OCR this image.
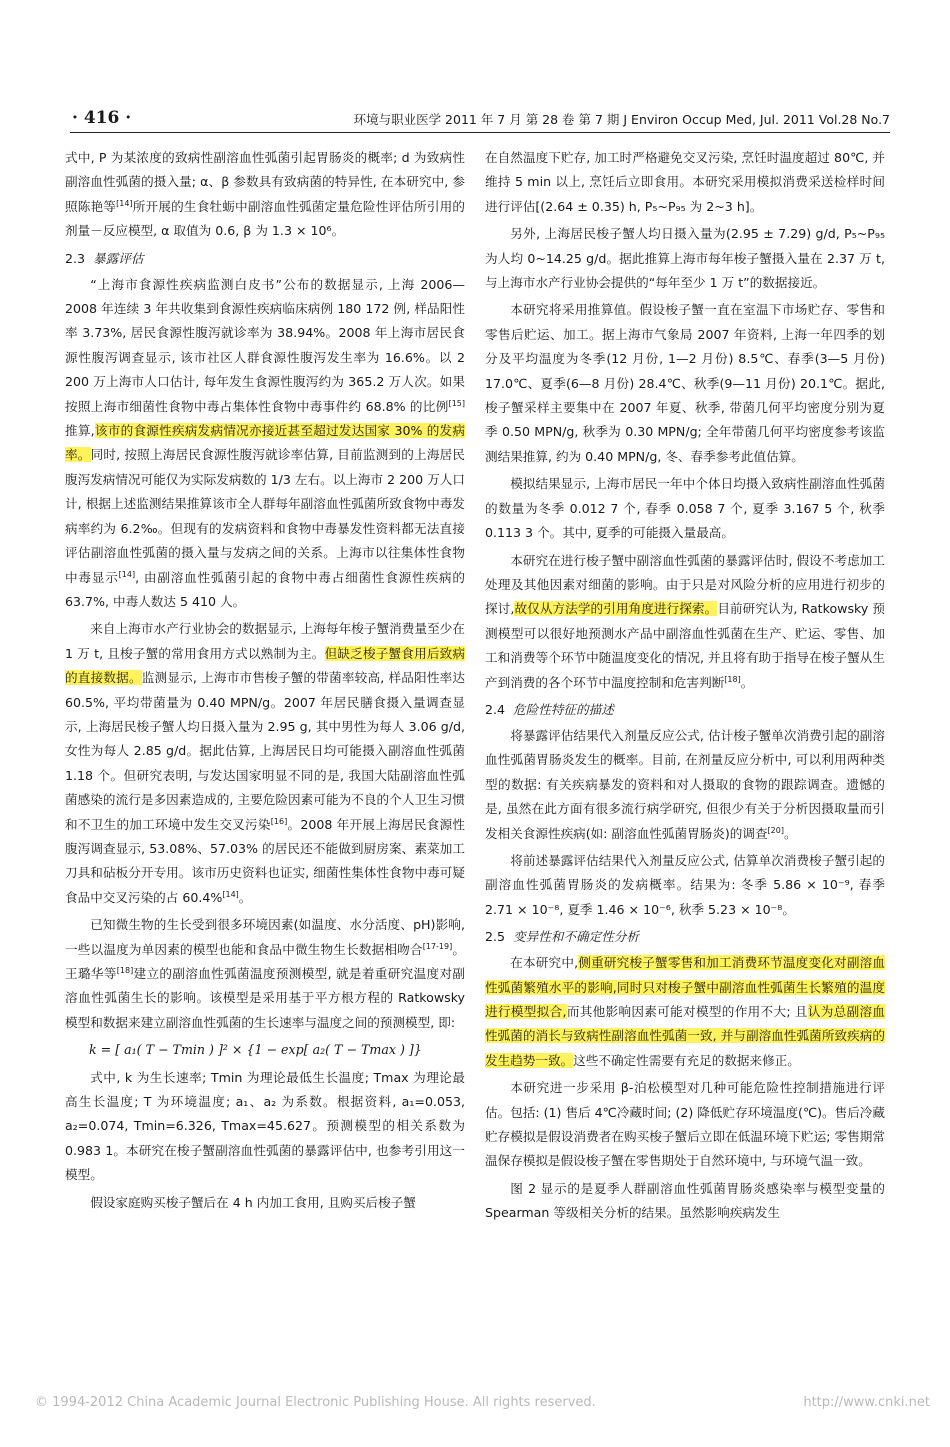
· 416 ·	环境与职业医学 2011 年 7 月 第 28 卷 第 7 期 J Environ Occup Med, Jul. 2011 Vol.28 No.7

式中, P 为某浓度的致病性副溶血性弧菌引起胃肠炎的概率; d 为致病性副溶血性弧菌的摄入量; α、β 参数具有致病菌的特异性, 在本研究中, 参照陈艳等[14]所开展的生食牡蛎中副溶血性弧菌定量危险性评估所引用的剂量－反应模型, α 取值为 0.6, β 为 1.3 × 10⁶。

2.3 暴露评估

“上海市食源性疾病监测白皮书”公布的数据显示, 上海 2006—2008 年连续 3 年共收集到食源性疾病临床病例 180 172 例, 样品阳性率 3.73%, 居民食源性腹泻就诊率为 38.94%。2008 年上海市居民食源性腹泻调查显示, 该市社区人群食源性腹泻发生率为 16.6%。以 2 200 万上海市人口估计, 每年发生食源性腹泻约为 365.2 万人次。如果按照上海市细菌性食物中毒占集体性食物中毒事件约 68.8% 的比例[15]推算,该市的食源性疾病发病情况亦接近甚至超过发达国家 30% 的发病率。同时, 按照上海居民食源性腹泻就诊率估算, 目前监测到的上海居民腹泻发病情况可能仅为实际发病数的 1/3 左右。以上海市 2 200 万人口计, 根据上述监测结果推算该市全人群每年副溶血性弧菌所致食物中毒发病率约为 6.2‰。但现有的发病资料和食物中毒暴发性资料都无法直接评估副溶血性弧菌的摄入量与发病之间的关系。上海市以往集体性食物中毒显示[14], 由副溶血性弧菌引起的食物中毒占细菌性食源性疾病的 63.7%, 中毒人数达 5 410 人。

来自上海市水产行业协会的数据显示, 上海每年梭子蟹消费量至少在 1 万 t, 且梭子蟹的常用食用方式以熟制为主。但缺乏梭子蟹食用后致病的直接数据。监测显示, 上海市市售梭子蟹的带菌率较高, 样品阳性率达 60.5%, 平均带菌量为 0.40 MPN/g。2007 年居民膳食摄入量调查显示, 上海居民梭子蟹人均日摄入量为 2.95 g, 其中男性为每人 3.06 g/d, 女性为每人 2.85 g/d。据此估算, 上海居民日均可能摄入副溶血性弧菌 1.18 个。但研究表明, 与发达国家明显不同的是, 我国大陆副溶血性弧菌感染的流行是多因素造成的, 主要危险因素可能为不良的个人卫生习惯和不卫生的加工环境中发生交叉污染[16]。2008 年开展上海居民食源性腹泻调查显示, 53.08%、57.03% 的居民还不能做到厨房案、素菜加工刀具和砧板分开专用。该市历史资料也证实, 细菌性集体性食物中毒可疑食品中交叉污染的占 60.4%[14]。

已知微生物的生长受到很多环境因素(如温度、水分活度、pH)影响, 一些以温度为单因素的模型也能和食品中微生物生长数据相吻合[17-19]。王璐华等[18]建立的副溶血性弧菌温度预测模型, 就是着重研究温度对副溶血性弧菌生长的影响。该模型是采用基于平方根方程的 Ratkowsky 模型和数据来建立副溶血性弧菌的生长速率与温度之间的预测模型, 即:

k = [ a₁( T − Tmin ) ]² × {1 − exp[ a₂( T − Tmax ) ]}

式中, k 为生长速率; Tmin 为理论最低生长温度; Tmax 为理论最高生长温度; T 为环境温度; a₁、a₂ 为系数。根据资料, a₁=0.053, a₂=0.074, Tmin=6.326, Tmax=45.627。预测模型的相关系数为 0.983 1。本研究在梭子蟹副溶血性弧菌的暴露评估中, 也参考引用这一模型。

假设家庭购买梭子蟹后在 4 h 内加工食用, 且购买后梭子蟹

在自然温度下贮存, 加工时严格避免交叉污染, 烹饪时温度超过 80℃, 并维持 5 min 以上, 烹饪后立即食用。本研究采用模拟消费采送检样时间进行评估[(2.64 ± 0.35) h, P₅~P₉₅ 为 2~3 h]。

另外, 上海居民梭子蟹人均日摄入量为(2.95 ± 7.29) g/d, P₅~P₉₅ 为人均 0~14.25 g/d。据此推算上海市每年梭子蟹摄入量在 2.37 万 t, 与上海市水产行业协会提供的“每年至少 1 万 t”的数据接近。

本研究将采用推算值。假设梭子蟹一直在室温下市场贮存、零售和零售后贮运、加工。据上海市气象局 2007 年资料, 上海一年四季的划分及平均温度为冬季(12 月份, 1—2 月份) 8.5℃、春季(3—5 月份) 17.0℃、夏季(6—8 月份) 28.4℃、秋季(9—11 月份) 20.1℃。据此, 梭子蟹采样主要集中在 2007 年夏、秋季, 带菌几何平均密度分别为夏季 0.50 MPN/g, 秋季为 0.30 MPN/g; 全年带菌几何平均密度参考该监测结果推算, 约为 0.40 MPN/g, 冬、春季参考此值估算。

模拟结果显示, 上海市居民一年中个体日均摄入致病性副溶血性弧菌的数量为冬季 0.012 7 个, 春季 0.058 7 个, 夏季 3.167 5 个, 秋季 0.113 3 个。其中, 夏季的可能摄入量最高。

本研究在进行梭子蟹中副溶血性弧菌的暴露评估时, 假设不考虑加工处理及其他因素对细菌的影响。由于只是对风险分析的应用进行初步的探讨,故仅从方法学的引用角度进行探索。目前研究认为, Ratkowsky 预测模型可以很好地预测水产品中副溶血性弧菌在生产、贮运、零售、加工和消费等个环节中随温度变化的情况, 并且将有助于指导在梭子蟹从生产到消费的各个环节中温度控制和危害判断[18]。

2.4 危险性特征的描述

将暴露评估结果代入剂量反应公式, 估计梭子蟹单次消费引起的副溶血性弧菌胃肠炎发生的概率。目前, 在剂量反应分析中, 可以利用两种类型的数据: 有关疾病暴发的资料和对人摄取的食物的跟踪调查。遗憾的是, 虽然在此方面有很多流行病学研究, 但很少有关于分析因摄取量而引发相关食源性疾病(如: 副溶血性弧菌胃肠炎)的调查[20]。

将前述暴露评估结果代入剂量反应公式, 估算单次消费梭子蟹引起的副溶血性弧菌胃肠炎的发病概率。结果为: 冬季 5.86 × 10⁻⁹, 春季 2.71 × 10⁻⁸, 夏季 1.46 × 10⁻⁶, 秋季 5.23 × 10⁻⁸。

2.5 变异性和不确定性分析

在本研究中,侧重研究梭子蟹零售和加工消费环节温度变化对副溶血性弧菌繁殖水平的影响,同时只对梭子蟹中副溶血性弧菌生长繁殖的温度进行模型拟合,而其他影响因素可能对模型的作用不大; 且认为总副溶血性弧菌的消长与致病性副溶血性弧菌一致, 并与副溶血性弧菌所致疾病的发生趋势一致。这些不确定性需要有充足的数据来修正。

本研究进一步采用 β-泊松模型对几种可能危险性控制措施进行评估。包括: (1) 售后 4℃冷藏时间; (2) 降低贮存环境温度(℃)。售后冷藏贮存模拟是假设消费者在购买梭子蟹后立即在低温环境下贮运; 零售期常温保存模拟是假设梭子蟹在零售期处于自然环境中, 与环境气温一致。

图 2 显示的是夏季人群副溶血性弧菌胃肠炎感染率与模型变量的 Spearman 等级相关分析的结果。虽然影响疾病发生

© 1994-2012 China Academic Journal Electronic Publishing House. All rights reserved.	http://www.cnki.net
